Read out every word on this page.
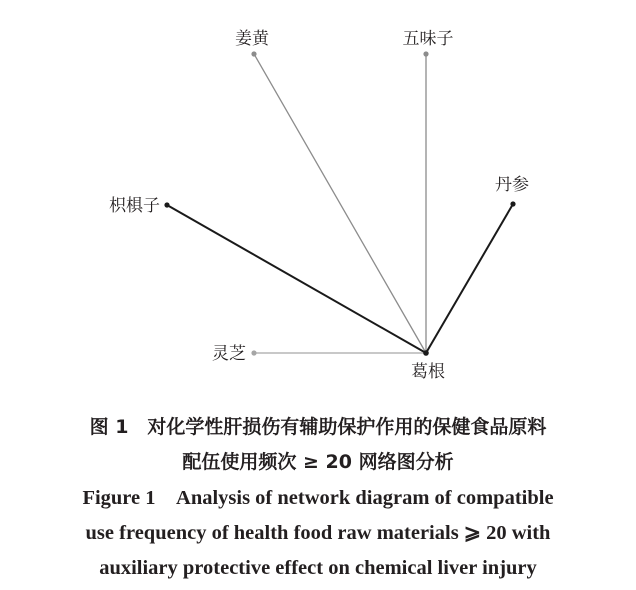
姜黄	五味子
丹参
枳椇子
灵芝
葛根
图 1　对化学性肝损伤有辅助保护作用的保健食品原料
配伍使用频次 ≥ 20 网络图分析
Figure 1　Analysis of network diagram of compatible
use frequency of health food raw materials ⩾ 20 with
auxiliary protective effect on chemical liver injury
